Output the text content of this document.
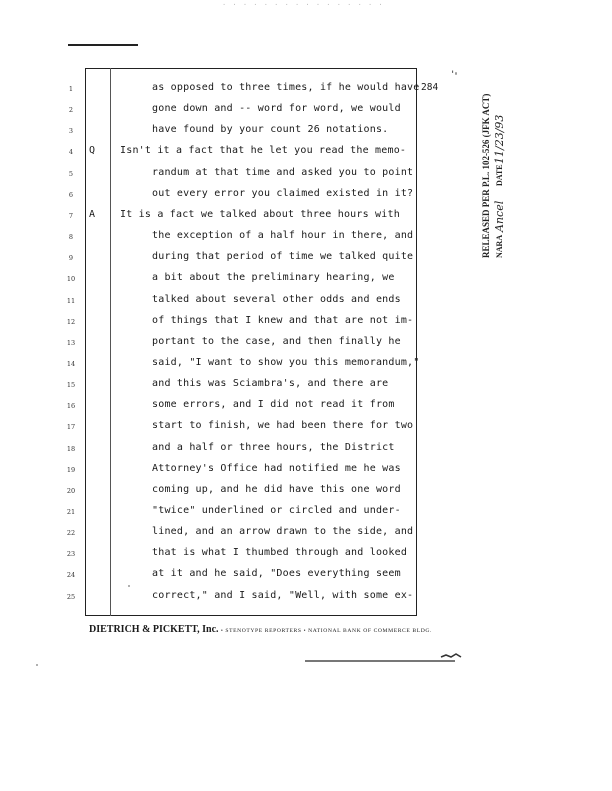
· · · · · · · · · · · · · · · ·
284
'
1	as opposed to three times, if he would have
2	gone down and -- word for word, we would
3	have found by your count 26 notations.
4	Q Isn't it a fact that he let you read the memo-
5	randum at that time and asked you to point
6	out every error you claimed existed in it?
7	A It is a fact we talked about three hours with
8	the exception of a half hour in there, and
9	during that period of time we talked quite
10	a bit about the preliminary hearing, we
11	talked about several other odds and ends
12	of things that I knew and that are not im-
13	portant to the case, and then finally he
14	said, "I want to show you this memorandum,"
15	and this was Sciambra's, and there are
16	some errors, and I did not read it from
17	start to finish, we had been there for two
18	and a half or three hours, the District
19	Attorney's Office had notified me he was
20	coming up, and he did have this one word
21	"twice" underlined or circled and under-
22	lined, and an arrow drawn to the side, and
23	that is what I thumbed through and looked
24	at it and he said, "Does everything seem
25	correct," and I said, "Well, with some ex-
DIETRICH & PICKETT, Inc. • STENOTYPE REPORTERS • NATIONAL BANK OF COMMERCE BLDG.
RELEASED PER P.L. 102-526 (JFK ACT) NARA
Ancel
DATE
11/23/93
